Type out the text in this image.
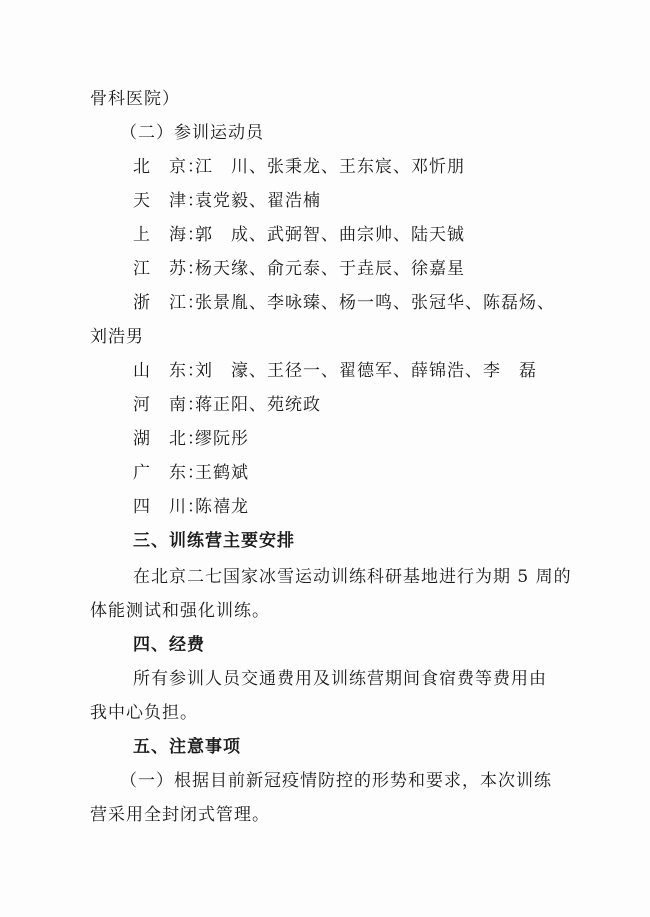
骨科医院）
（二）参训运动员
北　京：江　川、张秉龙、王东宸、邓忻朋
天　津：袁党毅、翟浩楠
上　海：郭　成、武弼智、曲宗帅、陆天铖
江　苏：杨天缘、俞元泰、于垚辰、徐嘉星
浙　江：张景胤、李咏臻、杨一鸣、张冠华、陈磊炀、
刘浩男
山　东：刘　濠、王径一、翟德军、薛锦浩、李　磊
河　南：蒋正阳、苑统政
湖　北：缪阮彤
广　东：王鹤斌
四　川：陈禧龙
三、训练营主要安排
在北京二七国家冰雪运动训练科研基地进行为期 5 周的
体能测试和强化训练。
四、经费
所有参训人员交通费用及训练营期间食宿费等费用由
我中心负担。
五、注意事项
（一）根据目前新冠疫情防控的形势和要求，本次训练
营采用全封闭式管理。
